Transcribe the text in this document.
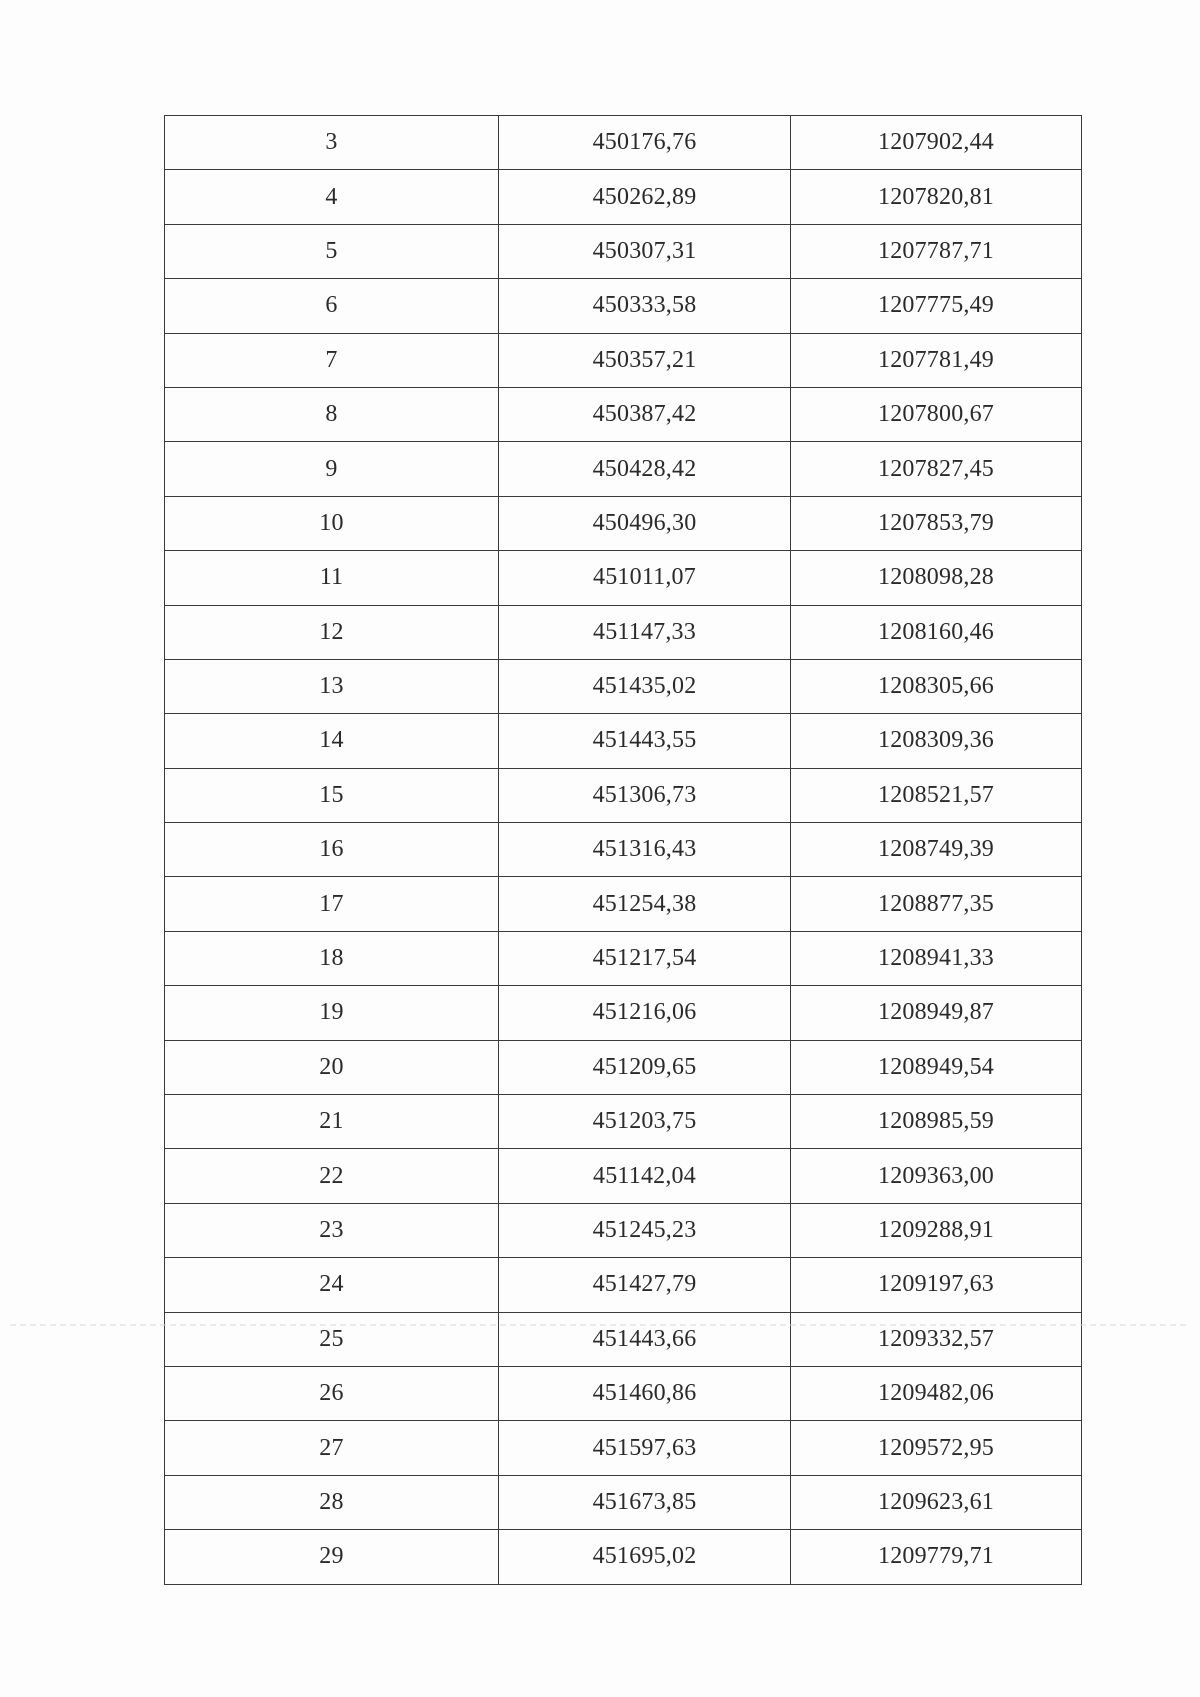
3	450176,76	1207902,44
4	450262,89	1207820,81
5	450307,31	1207787,71
6	450333,58	1207775,49
7	450357,21	1207781,49
8	450387,42	1207800,67
9	450428,42	1207827,45
10	450496,30	1207853,79
11	451011,07	1208098,28
12	451147,33	1208160,46
13	451435,02	1208305,66
14	451443,55	1208309,36
15	451306,73	1208521,57
16	451316,43	1208749,39
17	451254,38	1208877,35
18	451217,54	1208941,33
19	451216,06	1208949,87
20	451209,65	1208949,54
21	451203,75	1208985,59
22	451142,04	1209363,00
23	451245,23	1209288,91
24	451427,79	1209197,63
25	451443,66	1209332,57
26	451460,86	1209482,06
27	451597,63	1209572,95
28	451673,85	1209623,61
29	451695,02	1209779,71
